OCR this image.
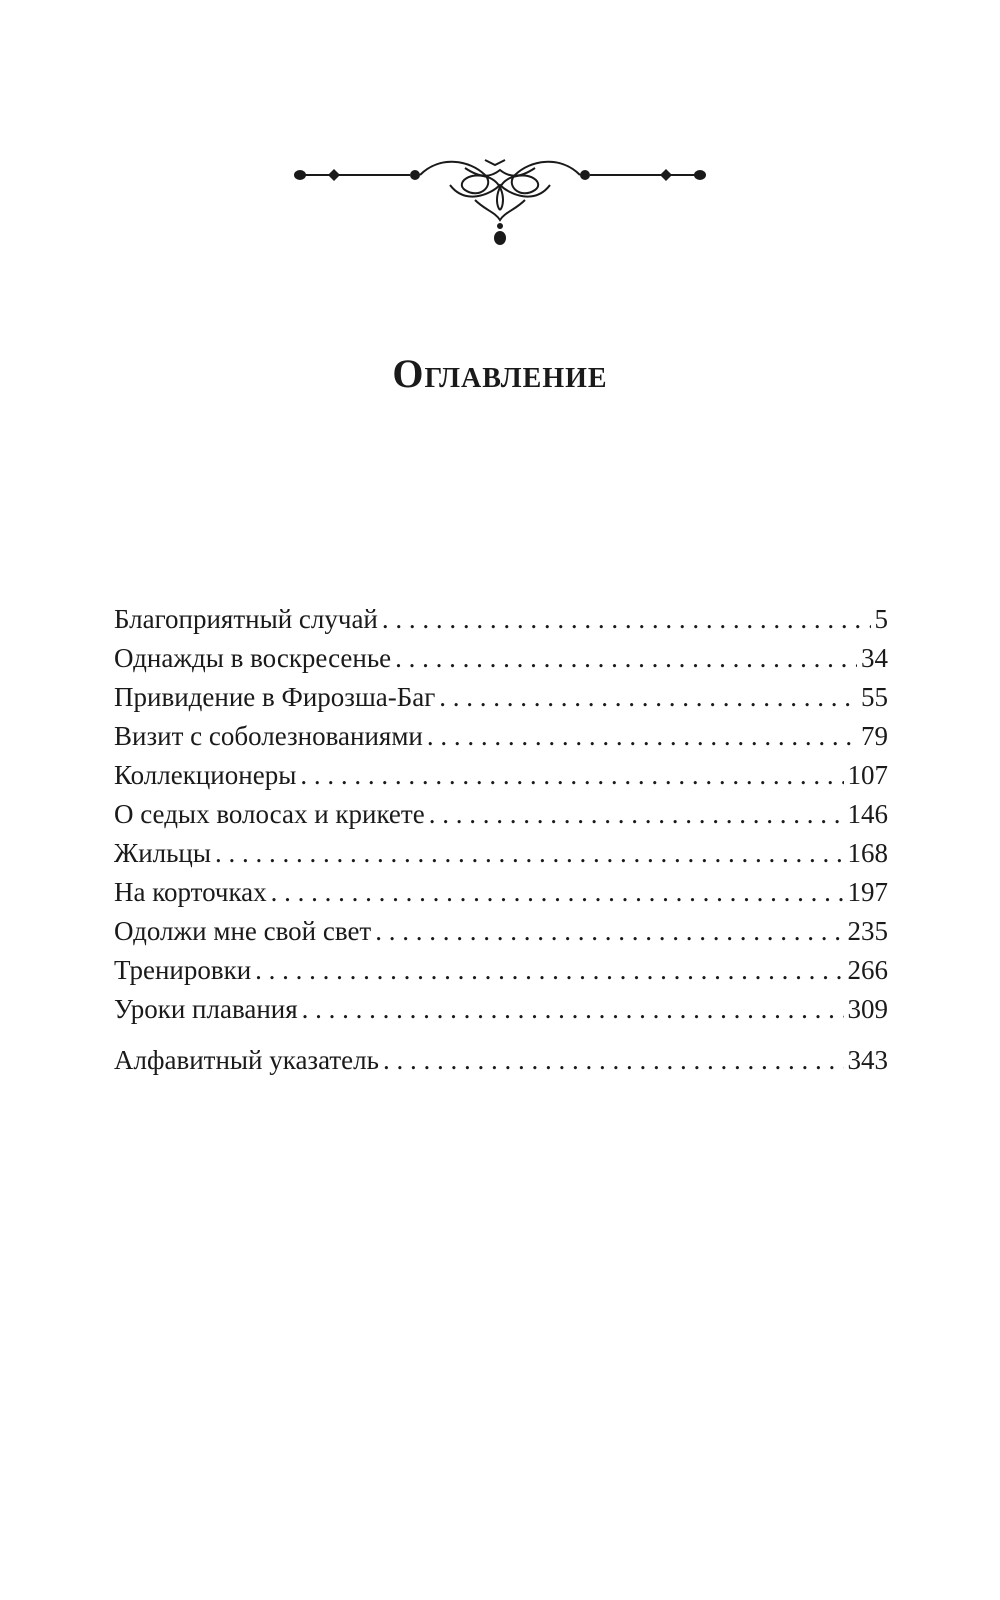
Оглавление
Благоприятный случай . . .	5
Однажды в воскресенье . . .	34
Привидение в Фирозша-Баг . . .	55
Визит с соболезнованиями . . .	79
Коллекционеры . . .	107
О седых волосах и крикете . . .	146
Жильцы . . .	168
На корточках . . .	197
Одолжи мне свой свет . . .	235
Тренировки . . .	266
Уроки плавания . . .	309
Алфавитный указатель . . .	343
